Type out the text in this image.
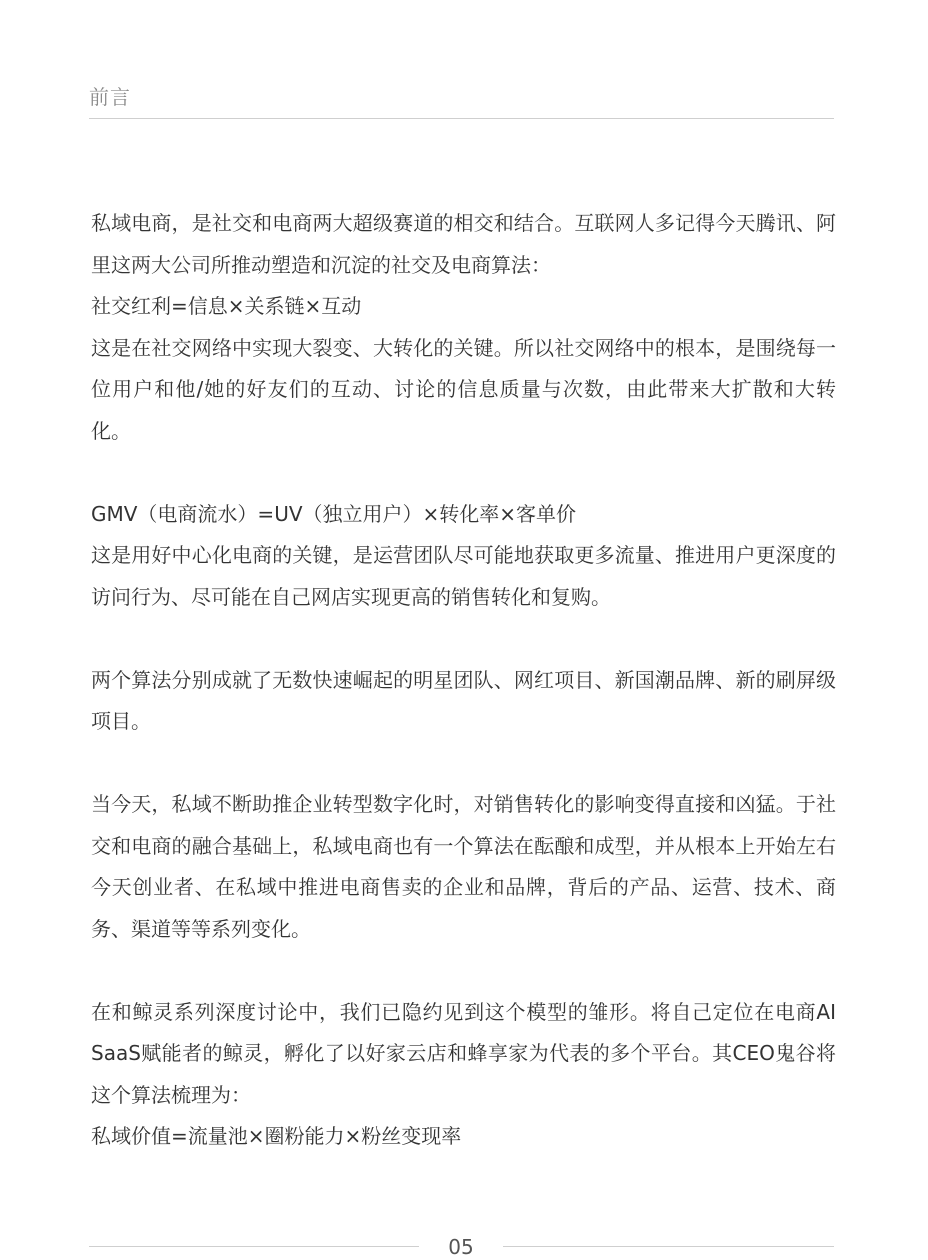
前言

私域电商，是社交和电商两大超级赛道的相交和结合。互联网人多记得今天腾讯、阿里这两大公司所推动塑造和沉淀的社交及电商算法：

社交红利=信息×关系链×互动

这是在社交网络中实现大裂变、大转化的关键。所以社交网络中的根本，是围绕每一位用户和他/她的好友们的互动、讨论的信息质量与次数，由此带来大扩散和大转化。

GMV（电商流水）=UV（独立用户）×转化率×客单价

这是用好中心化电商的关键，是运营团队尽可能地获取更多流量、推进用户更深度的访问行为、尽可能在自己网店实现更高的销售转化和复购。

两个算法分别成就了无数快速崛起的明星团队、网红项目、新国潮品牌、新的刷屏级项目。

当今天，私域不断助推企业转型数字化时，对销售转化的影响变得直接和凶猛。于社交和电商的融合基础上，私域电商也有一个算法在酝酿和成型，并从根本上开始左右今天创业者、在私域中推进电商售卖的企业和品牌，背后的产品、运营、技术、商务、渠道等等系列变化。

在和鲸灵系列深度讨论中，我们已隐约见到这个模型的雏形。将自己定位在电商AI SaaS赋能者的鲸灵，孵化了以好家云店和蜂享家为代表的多个平台。其CEO鬼谷将这个算法梳理为：

私域价值=流量池×圈粉能力×粉丝变现率

05
